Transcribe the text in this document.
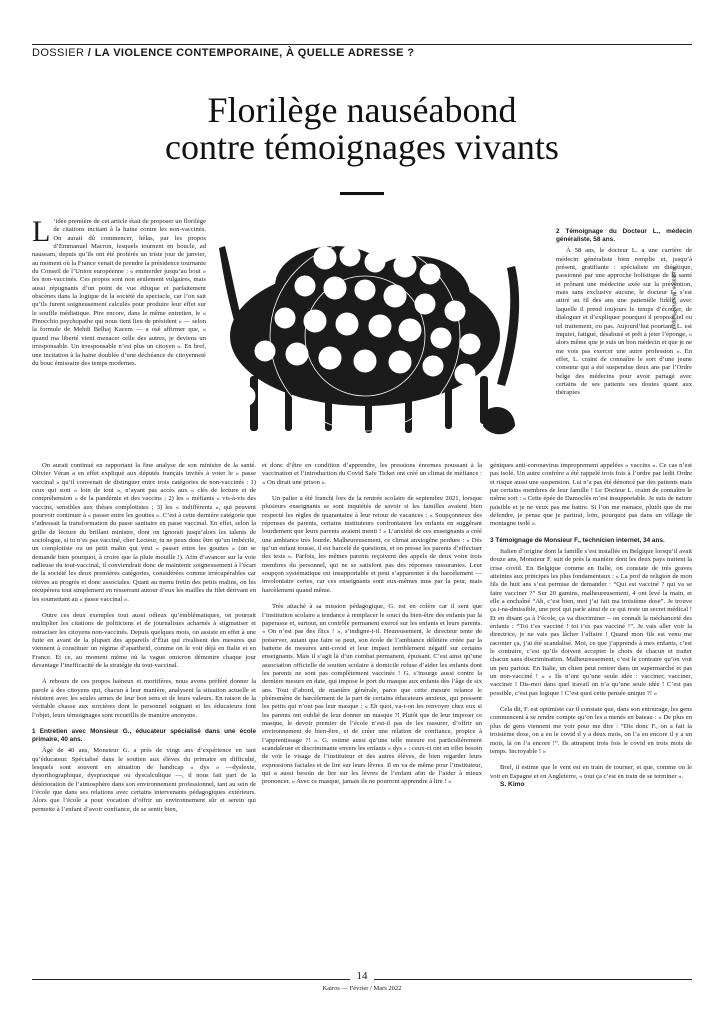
DOSSIER / LA VIOLENCE CONTEMPORAINE, À QUELLE ADRESSE ?
Florilège nauséabond
contre témoignages vivants

L ’idée première de cet article était de proposer un florilège de citations incitant à la haine contre les non-vaccinés. On aurait dû commencer, hélas, par les propos d’Emmanuel Macron, lesquels tournent en boucle, ad nauseam, depuis qu’ils ont été proférés un triste jour de janvier, au moment où la France venait de prendre la présidence tournante du Conseil de l’Union européenne : « emmerder jusqu’au bout » les non-vaccinés. Ces propos sont non seulement vulgaires, mais aussi répugnants d’un point de vue éthique et parfaitement obscènes dans la logique de la société du spectacle, car l’on sait qu’ils furent soigneusement calculés pour produire leur effet sur le souffle médiatique. Pire encore, dans le même entretien, le « Pinocchio psychopathe qui nous tient lieu de président » — selon la formule de Mehdi Belhaj Kacem — a osé affirmer que, « quand ma liberté vient menacer celle des autres, je deviens un irresponsable. Un irresponsable n’est plus un citoyen ». En bref, une incitation à la haine doublée d’une déchéance de citoyenneté du bouc émissaire des temps modernes.

Illustration: Marsha Phillipart
2 Témoignage du Docteur L., médecin généraliste, 58 ans.

À 58 ans, le docteur L. a une carrière de médecin généraliste bien remplie et, jusqu’à présent, gratifiante : spécialiste en diététique, passionné par une approche holistique de la santé et prônant une médecine axée sur la prévention, mais sans exclusive aucune, le docteur L. s’est attiré au fil des ans une patientèle fidèle, avec laquelle il prend toujours le temps d’écouter, de dialoguer et d’expliquer pourquoi il propose tel ou tel traitement, ou pas. Aujourd’hui pourtant, L. est inquiet, fatigué, désabusé et prêt à jeter l’éponge, « alors même que je suis un bon médecin et que je ne me vois pas exercer une autre profession ». En effet, L. craint de connaître le sort d’une jeune consœur qui a été suspendue deux ans par l’Ordre belge des médecins pour avoir partagé avec certains de ses patients ses doutes quant aux thérapies

On aurait continué en rapportant la fine analyse de son ministre de la santé. Olivier Véran a en effet expliqué aux députés français invités à voter le « passe vaccinal » qu’il convenait de distinguer entre trois catégories de non-vaccinés : 1) ceux qui sont « loin de tout », n’ayant pas accès aux « clés de lecture et de compréhension » de la pandémie et des vaccins ; 2) les « méfiants » vis-à-vis des vaccins, sensibles aux thèses complotistes ; 3) les « indifférents », qui peuvent pourvoir continuer à « passer entre les gouttes ». C’est à cette dernière catégorie que s’adressait la transformation du passe sanitaire en passe vaccinal. En effet, selon la grille de lecture du brillant ministre, dont on ignorait jusqu’alors les talents de sociologue, si tu n’es pas vacciné, cher Lecteur, tu ne peux donc être qu’un imbécile, un complotiste ou un petit malin qui veut « passer entre les gouttes » (on se demande bien pourquoi, à croire que la pluie mouille !). Afin d’avancer sur la voie radieuse du tout-vaccinal, il conviendrait donc de maintenir soigneusement à l’écart de la société les deux premières catégories, considérées comme irrécupérables car rétives au progrès et donc associales. Quant au menu fretin des petits malins, on les récupérera tout simplement en resserrant autour d’eux les mailles du filet dérivant en les soumettant au « passe vaccinal ».

Outre ces deux exemples tout aussi odieux qu’emblématiques, on pourrait multiplier les citations de politiciens et de journalistes acharnés à stigmatiser et ostraciser les citoyens non-vaccinés. Depuis quelques mois, on assiste en effet à une fuite en avant de la plupart des appareils d’État qui rivalisent des mesures qui viennent à constituer un régime d’apartheid, comme on le voit déjà en Italie et en France. Et ce, au moment même où la vague omicron démontre chaque jour davantage l’inefficacité de la stratégie du tout-vaccinal.

À rebours de ces propos haineux et mortifères, nous avons préféré donner la parole à des citoyens qui, chacun à leur manière, analysent la situation actuelle et résistent avec les seules armes de leur bon sens et de leurs valeurs. En raison de la véritable chasse aux sorcières dont le personnel soignant et les éducateurs font l’objet, leurs témoignages sont recueillis de manière anonyme.

1 Entretien avec Monsieur G., éducateur spécialisé dans une école primaire, 40 ans.

Âgé de 40 ans, Monsieur G. a près de vingt ans d’expérience en tant qu’éducateur. Spécialisé dans le soutien aux élèves du primaire en difficulté, lesquels sont souvent en situation de handicap « dys » —dyslexie, dysorthographique, dyspraxique ou dyscalculique —, il nous fait part de la détérioration de l’atmosphère dans son environnement professionnel, tant au sein de l’école que dans ses relations avec certains intervenants pédagogiques extérieurs. Alors que l’école a pour vocation d’offrir un environnement sûr et serein qui permette à l’enfant d’avoir confiance, de se sentir bien,

et donc d’être en condition d’apprendre, les pressions énormes poussant à la vaccination et l’introduction du Covid Safe Ticket ont créé un climat de méfiance : « On dirait une prison ».

Un palier a été franchi lors de la rentrée scolaire de septembre 2021, lorsque plusieurs enseignants se sont inquiétés de savoir si les familles avaient bien respecté les règles de quarantaine à leur retour de vacances : « Soupçonneux des réponses de parents, certains instituteurs confrontaient les enfants en suggérant lourdement que leurs parents avaient menti ! » L’anxiété de ces enseignants a créé une ambiance très lourde. Malheureusement, ce climat anxiogène perdure : « Dès qu’un enfant tousse, il est harcelé de questions, et on presse les parents d’effectuer des tests ». Parfois, les mêmes parents reçoivent des appels de deux voire trois membres du personnel, qui ne se satisfont pas des réponses rassurantes. Leur soupçon systématique est insupportable et peut s’apparenter à du harcèlement — involontaire certes, car ces enseignants sont eux-mêmes mus par la peur, mais harcèlement quand même.

Très attaché à sa mission pédagogique, G. est en colère car il sent que l’institution scolaire a tendance à remplacer le souci du bien-être des enfants par la paperasse et, surtout, un contrôle permanent exercé sur les enfants et leurs parents. « On n’est pas des flics ! », s’indigne-t-il. Heureusement, le directeur tente de préserver, autant que faire se peut, son école de l’ambiance délétère créée par la batterie de mesures anti-covid et leur impact terriblement négatif sur certains enseignants. Mais il s’agit là d’un combat permanent, épuisant. C’est ainsi qu’une association officielle de soutien scolaire à domicile refuse d’aider les enfants dont les parents ne sont pas complètement vaccinés ! G. s’insurge aussi contre la dernière mesure en date, qui impose le port du masque aux enfants dès l’âge de six ans. Tout d’abord, de manière générale, parce que cette mesure relance le phénomène de harcèlement de la part de certains éducateurs anxieux, qui pressent les petits qui n’ont pas leur masque : « Eh quoi, va-t-on les renvoyer chez eux si les parents ont oublié de leur donner un masque ?! Plutôt que de leur imposer ce masque, le devoir premier de l’école n’est-il pas de les rassurer, d’offrir un environnement de bien-être, et de créer une relation de confiance, propice à l’apprentissage ?! ». G. estime aussi qu’une telle mesure est particulièrement scandaleuse et discriminante envers les enfants « dys » : ceux-ci ont en effet besoin de voir le visage de l’instituteur et des autres élèves, de bien regarder leurs expressions faciales et de lire sur leurs lèvres. Il en va de même pour l’instituteur, qui a aussi besoin de lire sur les lèvres de l’enfant afin de l’aider à mieux prononcer. « Avec ce masque, jamais ils ne pourront apprendre à lire ! »

géniques anti-coronavirus improprement appelées « vaccins ». Ce cas n’est pas isolé. Un autre confrère a été rappelé trois fois à l’ordre par ledit Ordre et risque aussi une suspension. Lui n’a pas été dénoncé par des patients mais par certains membres de leur famille ! Le Docteur L. craint de connaître le même sort : « Cette épée de Damoclès m’est insupportable. Je suis de nature paisible et je ne veux pas me battre. Si l’on me menace, plutôt que de me défendre, je pense que je partirai, loin, pourquoi pas dans un village de montagne isolé ».

3 Témoignage de Monsieur F., technicien internet, 34 ans.

Italien d’origine dont la famille s’est installée en Belgique lorsqu’il avait douze ans, Monsieur F. suit de près la manière dont les deux pays traitent la crise covid. En Belgique comme en Italie, on constate de très graves atteintes aux principes les plus fondamentaux : « La prof de religion de mon fils de huit ans s’est permise de demander : “Qui est vacciné ? qui va se faire vacciner ?” Sur 20 gamins, malheureusement, 4 ont levé la main, et elle a enchaîné “Ah, c’est bien, moi j’ai fait ma troisième dose”. Je trouve ça i-na-dmissible, une prof qui parle ainsi de ce qui reste un secret médical ! Et en disant ça à l’école, ça va discriminer – on connaît la méchanceté des enfants : “Toi t’es vacciné ! toi t’es pas vacciné !”. Je vais aller voir la directrice, je ne vais pas lâcher l’affaire ! Quand mon fils est venu me raconter ça, j’ai été scandalisé. Moi, ce que j’apprends à mes enfants, c’est le contraire, c’est qu’ils doivent accepter le choix de chacun et traiter chacun sans discrimination. Malheureusement, c’est le contraire qu’on voit un peu partout. En Italie, un chien peut rentrer dans un supermarché et pas un non-vacciné ! » « Ils n’ont qu’une seule idée : vacciner, vacciner, vacciner ! Dis-moi dans quel travail on n’a qu’une seule idée ! C’est pas possible, c’est pas logique ! C’est quoi cette pensée unique ?! »

Cela dit, F. est optimiste car il constate que, dans son entourage, les gens commencent à se rendre compte qu’on les a menés en bateau : « De plus en plus de gens viennent me voir pour me dire : “Dis donc F., on a fait la troisième dose, on a eu le covid il y a deux mois, on l’a eu encore il y a un mois, là on l’a encore !”. Ils attrapent trois fois le covid en trois mois de temps. Incroyable ! »

Bref, il estime que le vent est en train de tourner, et que, comme on le voit en Espagne et en Angleterre, « tout ça c’est en train de se terminer ».

S. Kimo

14
Kairos — Février / Mars 2022
